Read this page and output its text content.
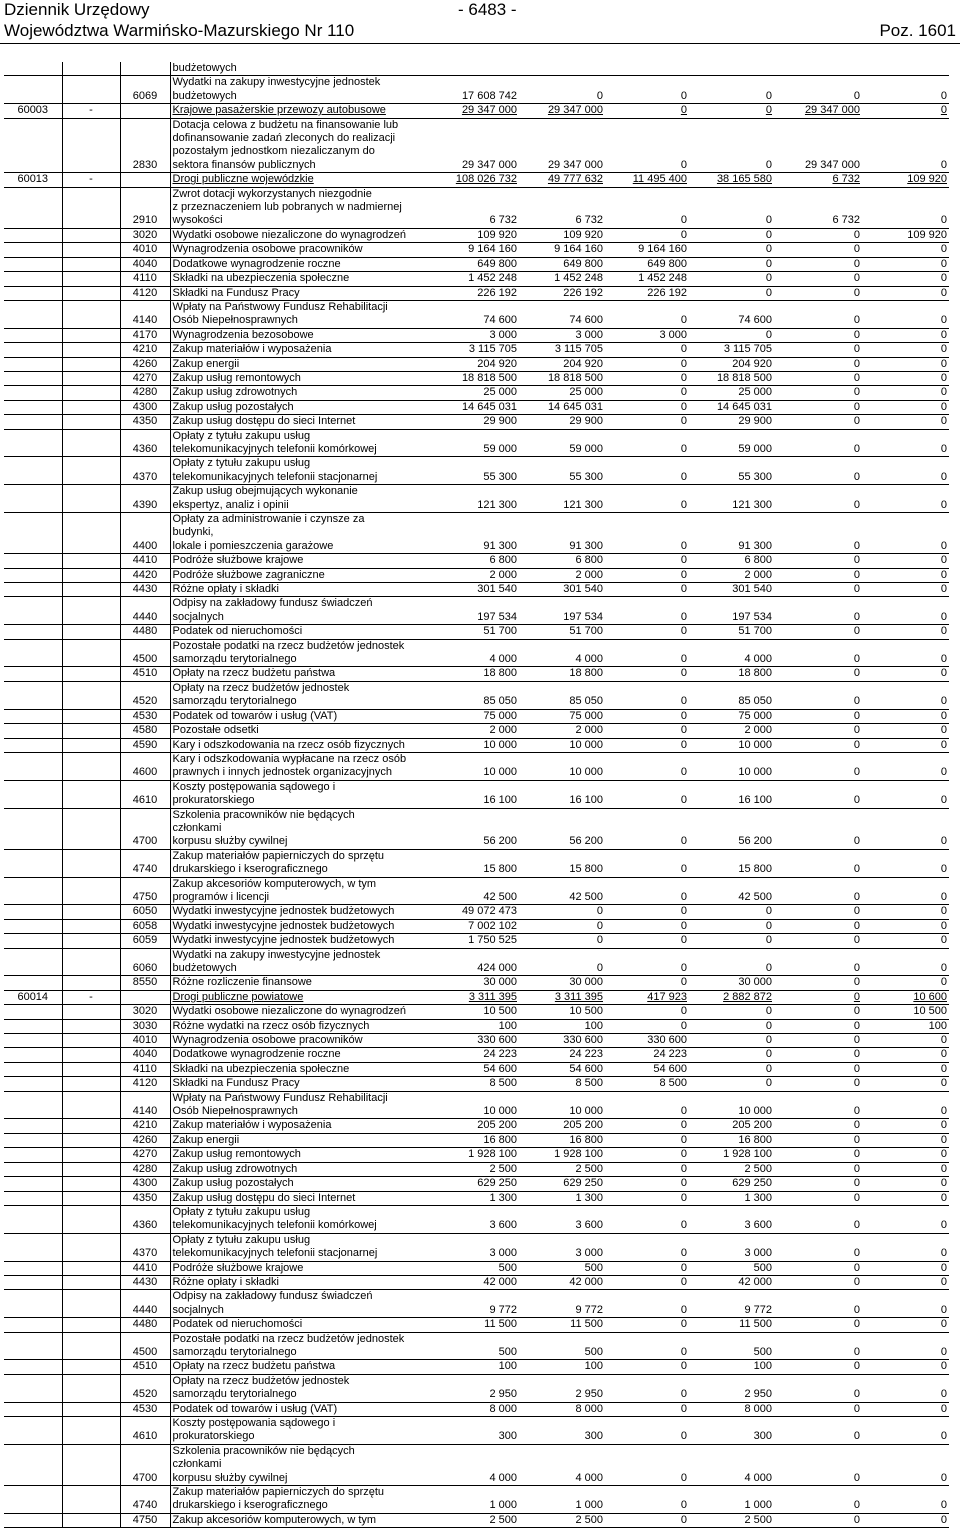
Dziennik Urzędowy
Województwa Warmińsko-Mazurskiego Nr 110
- 6483 -
Poz. 1601
			budżetowych						
		6069	Wydatki na zakupy inwestycyjne jednostek
budżetowych	17 608 742	0	0	0	0	0
60003	-		Krajowe pasażerskie przewozy autobusowe	29 347 000	29 347 000	0	0	29 347 000	0
		2830	Dotacja celowa z budżetu na finansowanie lub
dofinansowanie zadań zleconych do realizacji
pozostałym jednostkom niezaliczanym do
sektora finansów publicznych	29 347 000	29 347 000	0	0	29 347 000	0
60013	-		Drogi publiczne wojewódzkie	108 026 732	49 777 632	11 495 400	38 165 580	6 732	109 920
		2910	Zwrot dotacji wykorzystanych niezgodnie
z przeznaczeniem lub pobranych w nadmiernej
wysokości	6 732	6 732	0	0	6 732	0
		3020	Wydatki osobowe niezaliczone do wynagrodzeń	109 920	109 920	0	0	0	109 920
		4010	Wynagrodzenia osobowe pracowników	9 164 160	9 164 160	9 164 160	0	0	0
		4040	Dodatkowe wynagrodzenie roczne	649 800	649 800	649 800	0	0	0
		4110	Składki na ubezpieczenia społeczne	1 452 248	1 452 248	1 452 248	0	0	0
		4120	Składki na Fundusz Pracy	226 192	226 192	226 192	0	0	0
		4140	Wpłaty na Państwowy Fundusz Rehabilitacji
Osób Niepełnosprawnych	74 600	74 600	0	74 600	0	0
		4170	Wynagrodzenia bezosobowe	3 000	3 000	3 000	0	0	0
		4210	Zakup materiałów i wyposażenia	3 115 705	3 115 705	0	3 115 705	0	0
		4260	Zakup energii	204 920	204 920	0	204 920	0	0
		4270	Zakup usług remontowych	18 818 500	18 818 500	0	18 818 500	0	0
		4280	Zakup usług zdrowotnych	25 000	25 000	0	25 000	0	0
		4300	Zakup usług pozostałych	14 645 031	14 645 031	0	14 645 031	0	0
		4350	Zakup usług dostępu do sieci Internet	29 900	29 900	0	29 900	0	0
		4360	Opłaty z tytułu zakupu usług
telekomunikacyjnych telefonii komórkowej	59 000	59 000	0	59 000	0	0
		4370	Opłaty z tytułu zakupu usług
telekomunikacyjnych telefonii stacjonarnej	55 300	55 300	0	55 300	0	0
		4390	Zakup usług obejmujących wykonanie
ekspertyz, analiz i opinii	121 300	121 300	0	121 300	0	0
		4400	Opłaty za administrowanie i czynsze za
budynki,
lokale i pomieszczenia garażowe	91 300	91 300	0	91 300	0	0
		4410	Podróże służbowe krajowe	6 800	6 800	0	6 800	0	0
		4420	Podróże służbowe zagraniczne	2 000	2 000	0	2 000	0	0
		4430	Różne opłaty i składki	301 540	301 540	0	301 540	0	0
		4440	Odpisy na zakładowy fundusz świadczeń
socjalnych	197 534	197 534	0	197 534	0	0
		4480	Podatek od nieruchomości	51 700	51 700	0	51 700	0	0
		4500	Pozostałe podatki na rzecz budżetów jednostek
samorządu terytorialnego	4 000	4 000	0	4 000	0	0
		4510	Opłaty na rzecz budżetu państwa	18 800	18 800	0	18 800	0	0
		4520	Opłaty na rzecz budżetów jednostek
samorządu terytorialnego	85 050	85 050	0	85 050	0	0
		4530	Podatek od towarów i usług (VAT)	75 000	75 000	0	75 000	0	0
		4580	Pozostałe odsetki	2 000	2 000	0	2 000	0	0
		4590	Kary i odszkodowania na rzecz osób fizycznych	10 000	10 000	0	10 000	0	0
		4600	Kary i odszkodowania wypłacane na rzecz osób
prawnych i innych jednostek organizacyjnych	10 000	10 000	0	10 000	0	0
		4610	Koszty postępowania sądowego i
prokuratorskiego	16 100	16 100	0	16 100	0	0
		4700	Szkolenia pracowników nie będących
członkami
korpusu służby cywilnej	56 200	56 200	0	56 200	0	0
		4740	Zakup materiałów papierniczych do sprzętu
drukarskiego i kserograficznego	15 800	15 800	0	15 800	0	0
		4750	Zakup akcesoriów komputerowych, w tym
programów i licencji	42 500	42 500	0	42 500	0	0
		6050	Wydatki inwestycyjne jednostek budżetowych	49 072 473	0	0	0	0	0
		6058	Wydatki inwestycyjne jednostek budżetowych	7 002 102	0	0	0	0	0
		6059	Wydatki inwestycyjne jednostek budżetowych	1 750 525	0	0	0	0	0
		6060	Wydatki na zakupy inwestycyjne jednostek
budżetowych	424 000	0	0	0	0	0
		8550	Różne rozliczenie finansowe	30 000	30 000	0	30 000	0	0
60014	-		Drogi publiczne powiatowe	3 311 395	3 311 395	417 923	2 882 872	0	10 600
		3020	Wydatki osobowe niezaliczone do wynagrodzeń	10 500	10 500	0	0	0	10 500
		3030	Różne wydatki na rzecz osób fizycznych	100	100	0	0	0	100
		4010	Wynagrodzenia osobowe pracowników	330 600	330 600	330 600	0	0	0
		4040	Dodatkowe wynagrodzenie roczne	24 223	24 223	24 223	0	0	0
		4110	Składki na ubezpieczenia społeczne	54 600	54 600	54 600	0	0	0
		4120	Składki na Fundusz Pracy	8 500	8 500	8 500	0	0	0
		4140	Wpłaty na Państwowy Fundusz Rehabilitacji
Osób Niepełnosprawnych	10 000	10 000	0	10 000	0	0
		4210	Zakup materiałów i wyposażenia	205 200	205 200	0	205 200	0	0
		4260	Zakup energii	16 800	16 800	0	16 800	0	0
		4270	Zakup usług remontowych	1 928 100	1 928 100	0	1 928 100	0	0
		4280	Zakup usług zdrowotnych	2 500	2 500	0	2 500	0	0
		4300	Zakup usług pozostałych	629 250	629 250	0	629 250	0	0
		4350	Zakup usług dostępu do sieci Internet	1 300	1 300	0	1 300	0	0
		4360	Opłaty z tytułu zakupu usług
telekomunikacyjnych telefonii komórkowej	3 600	3 600	0	3 600	0	0
		4370	Opłaty z tytułu zakupu usług
telekomunikacyjnych telefonii stacjonarnej	3 000	3 000	0	3 000	0	0
		4410	Podróże służbowe krajowe	500	500	0	500	0	0
		4430	Różne opłaty i składki	42 000	42 000	0	42 000	0	0
		4440	Odpisy na zakładowy fundusz świadczeń
socjalnych	9 772	9 772	0	9 772	0	0
		4480	Podatek od nieruchomości	11 500	11 500	0	11 500	0	0
		4500	Pozostałe podatki na rzecz budżetów jednostek
samorządu terytorialnego	500	500	0	500	0	0
		4510	Opłaty na rzecz budżetu państwa	100	100	0	100	0	0
		4520	Opłaty na rzecz budżetów jednostek
samorządu terytorialnego	2 950	2 950	0	2 950	0	0
		4530	Podatek od towarów i usług (VAT)	8 000	8 000	0	8 000	0	0
		4610	Koszty postępowania sądowego i
prokuratorskiego	300	300	0	300	0	0
		4700	Szkolenia pracowników nie będących
członkami
korpusu służby cywilnej	4 000	4 000	0	4 000	0	0
		4740	Zakup materiałów papierniczych do sprzętu
drukarskiego i kserograficznego	1 000	1 000	0	1 000	0	0
		4750	Zakup akcesoriów komputerowych, w tym	2 500	2 500	0	2 500	0	0
